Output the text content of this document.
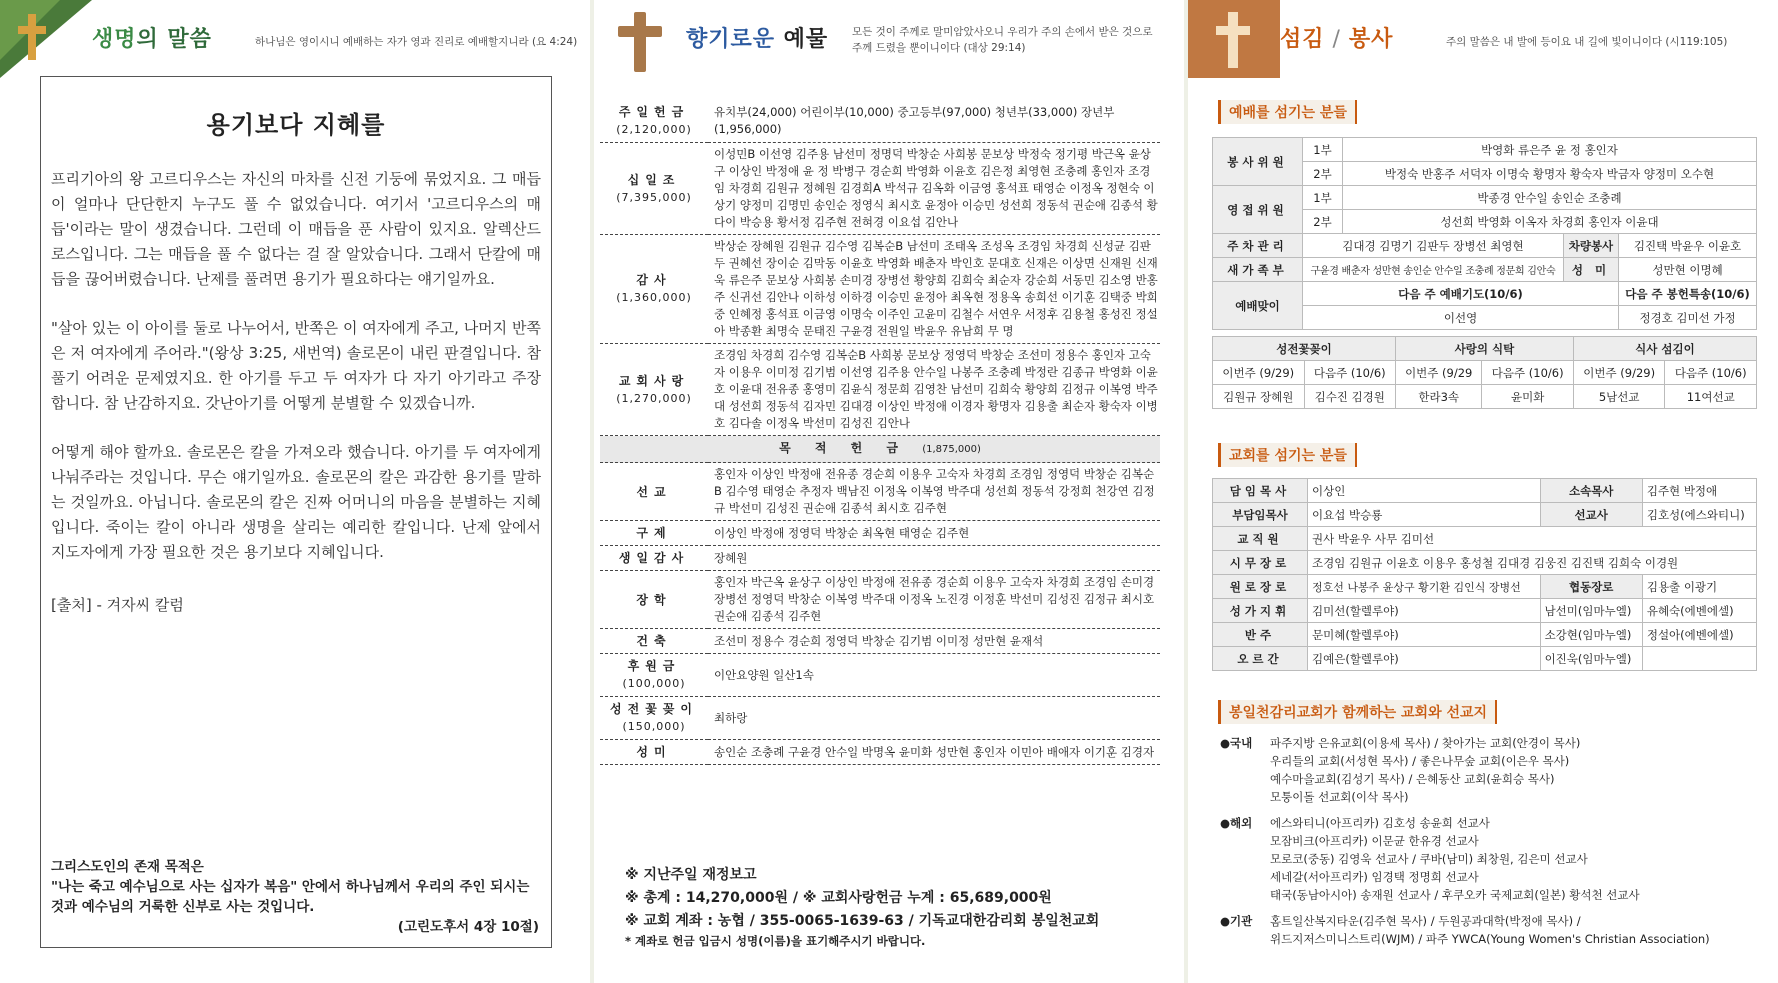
생명의 말씀	하나님은 영이시니 예배하는 자가 영과 진리로 예배할지니라 (요 4:24)
용기보다 지혜를

프리기아의 왕 고르디우스는 자신의 마차를 신전 기둥에 묶었지요. 그 매듭이 얼마나 단단한지 누구도 풀 수 없었습니다. 여기서 '고르디우스의 매듭'이라는 말이 생겼습니다. 그런데 이 매듭을 푼 사람이 있지요. 알렉산드로스입니다. 그는 매듭을 풀 수 없다는 걸 잘 알았습니다. 그래서 단칼에 매듭을 끊어버렸습니다. 난제를 풀려면 용기가 필요하다는 얘기일까요.

"살아 있는 이 아이를 둘로 나누어서, 반쪽은 이 여자에게 주고, 나머지 반쪽은 저 여자에게 주어라."(왕상 3:25, 새번역) 솔로몬이 내린 판결입니다. 참 풀기 어려운 문제였지요. 한 아기를 두고 두 여자가 다 자기 아기라고 주장합니다. 참 난감하지요. 갓난아기를 어떻게 분별할 수 있겠습니까.

어떻게 해야 할까요. 솔로몬은 칼을 가져오라 했습니다. 아기를 두 여자에게 나눠주라는 것입니다. 무슨 얘기일까요. 솔로몬의 칼은 과감한 용기를 말하는 것일까요. 아닙니다. 솔로몬의 칼은 진짜 어머니의 마음을 분별하는 지혜입니다. 죽이는 칼이 아니라 생명을 살리는 예리한 칼입니다. 난제 앞에서 지도자에게 가장 필요한 것은 용기보다 지혜입니다.

[출처] - 겨자씨 칼럼
그리스도인의 존재 목적은
"나는 죽고 예수님으로 사는 십자가 복음" 안에서 하나님께서 우리의 주인 되시는 것과 예수님의 거룩한 신부로 사는 것입니다.
(고린도후서 4장 10절)
향기로운 예물 모든 것이 주께로 말미암았사오니 우리가 주의 손에서 받은 것으로
주께 드렸을 뿐이니이다 (대상 29:14)
주일헌금
(2,120,000)	유치부(24,000) 어린이부(10,000) 중고등부(97,000) 청년부(33,000) 장년부(1,956,000)
십일조
(7,395,000)	이성민B 이선영 김주용 남선미 정명덕 박창순 사희봉 문보상 박정숙 정기평 박근옥 윤상구 이상인 박정애 윤 정 박병구 경순희 박영화 이윤호 김은정 최영현 조충례 홍인자 조경임 차경희 김원규 정혜원 김경희A 박석규 김옥화 이금영 홍석표 태영순 이정옥 정현숙 이상기 양정미 김명민 송인순 정영식 최시호 윤정아 이승민 성선희 정동석 권순애 김종석 황다이 박승용 황서정 김주현 전혀경 이요섭 김안나
감사
(1,360,000)	박상순 장혜원 김원규 김수영 김복순B 남선미 조태옥 조성옥 조경임 차경희 신성균 김판두 권혜선 장이순 김막동 이윤호 박영화 배춘자 박인호 문대호 신재은 이상면 신재원 신재욱 류은주 문보상 사희봉 손미경 장병선 황양희 김희숙 최순자 강순희 서동민 김소영 반홍주 신귀선 김안나 이하성 이하경 이승민 윤정아 최옥현 정용옥 송희선 이기훈 김택중 박희중 인혜정 홍석표 이금영 이명숙 이주인 고윤미 김철수 서연우 서정후 김용철 홍성진 정설아 박종환 최명숙 문태진 구윤경 전원일 박윤우 유남희 무 명
교회사랑
(1,270,000)	조경임 차경희 김수영 김복순B 사희봉 문보상 정영덕 박창순 조선미 정용수 홍인자 고숙자 이용우 이미정 김기범 이선영 김주용 안수일 나봉주 조충례 박정란 김종규 박영화 이윤호 이윤대 전유종 홍영미 김윤식 정문희 김영찬 남선미 김희숙 황양희 김정규 이복영 박주대 성선희 정동석 김자민 김대경 이상인 박정애 이경자 황명자 김용출 최순자 황숙자 이병호 김다솔 이정옥 박선미 김성진 김안나
목 적 헌 금 (1,875,000)	
선교	홍인자 이상인 박정애 전유종 경순희 이용우 고숙자 차경희 조경임 정영덕 박창순 김복순B 김수영 태영순 추정자 백남진 이정옥 이복영 박주대 성선희 정동석 강정희 천강연 김정규 박선미 김성진 권순애 김종석 최시호 김주현
구제	이상인 박정애 정영덕 박창순 최옥현 태영순 김주현
생일감사	장혜원
장학	홍인자 박근옥 윤상구 이상인 박정애 전유종 경순희 이용우 고숙자 차경희 조경임 손미경 장병선 정영덕 박창순 이복영 박주대 이정옥 노진경 이정훈 박선미 김성진 김정규 최시호 권순애 김종석 김주현
건축	조선미 정용수 경순희 정영덕 박창순 김기범 이미정 성만현 윤재석
후원금
(100,000)	이안요양원 일산1속
성전꽃꽂이
(150,000)	최하랑
성미	송인순 조충례 구윤경 안수일 박명옥 윤미화 성만현 홍인자 이민아 배애자 이기훈 김경자
※ 지난주일 재정보고
※ 총계 : 14,270,000원 / ※ 교회사랑헌금 누계 : 65,689,000원
※ 교회 계좌 : 농협 / 355-0065-1639-63 / 기독교대한감리회 봉일천교회
* 계좌로 헌금 입금시 성명(이름)을 표기해주시기 바랍니다.
섬김 / 봉사	주의 말씀은 내 발에 등이요 내 길에 빛이니이다 (시119:105)
예배를 섬기는 분들
봉사위원	1부	박영화 류은주 윤 정 홍인자		
	2부	박정숙 반홍주 서덕자 이명숙 황명자 황숙자 박금자 양정미 오수현		
영접위원	1부	박종경 안수일 송인순 조충례		
	2부	성선희 박영화 이옥자 차경희 홍인자 이윤대		
주차관리	김대경 김명기 김판두 장병선 최영현		차량봉사	김진택 박윤우 이윤호
새가족부	구윤경 배춘자 성만현 송인순 안수일 조충례 정문희 김안숙		성 미	성만현 이명혜
예배맞이	다음 주 예배기도(10/6)			다음 주 봉헌특송(10/6)
	이선영			정경호 김미선 가정
성전꽃꽂이		사랑의 식탁		식사 섬김이	
이번주 (9/29)	다음주 (10/6)	이번주 (9/29	다음주 (10/6)	이번주 (9/29)	다음주 (10/6)
김원규 장혜원	김수진 김경원	한라3속	윤미화	5남선교	11여선교
교회를 섬기는 분들
담임목사	이상인	소속목사	김주현 박정애
부담임목사	이요섭 박승룡	선교사	김호성(에스와티니)
교직원	권사 박윤우 사무 김미선		
시무장로	조경임 김원규 이윤호 이용우 홍성철 김대경 김웅진 김진택 김희숙 이경원		
원로장로	정호선 나봉주 윤상구 황기환 김인식 장병선	협동장로	김용출 이광기
성가지휘	김미선(할렐루야)	남선미(임마누엘)	유혜숙(에벤에셀)
반주	문미혜(할렐루야)	소강현(임마누엘)	정설아(에벤에셀)
오르간	김예은(할렐루야)	이진욱(임마누엘)	
봉일천감리교회가 함께하는 교회와 선교지
●국내	파주지방 은유교회(이용세 목사) / 찾아가는 교회(안경이 목사)
우리들의 교회(서성현 목사) / 좋은나무숲 교회(이은우 목사)
예수마을교회(김성기 목사) / 은혜동산 교회(윤희승 목사)
모퉁이돌 선교회(이삭 목사)
●해외	에스와티니(아프리카) 김호성 송윤희 선교사
모잠비크(아프리카) 이문균 한유경 선교사
모로코(중동) 김영욱 선교사 / 쿠바(남미) 최창원, 김은미 선교사
세네갈(서아프리카) 임경택 정명희 선교사
태국(동남아시아) 송재원 선교사 / 후쿠오카 국제교회(일본) 황석천 선교사
●기관	홈트일산복지타운(김주현 목사) / 두원공과대학(박정애 목사) /
위드지저스미니스트리(WJM) / 파주 YWCA(Young Women's Christian Association)
